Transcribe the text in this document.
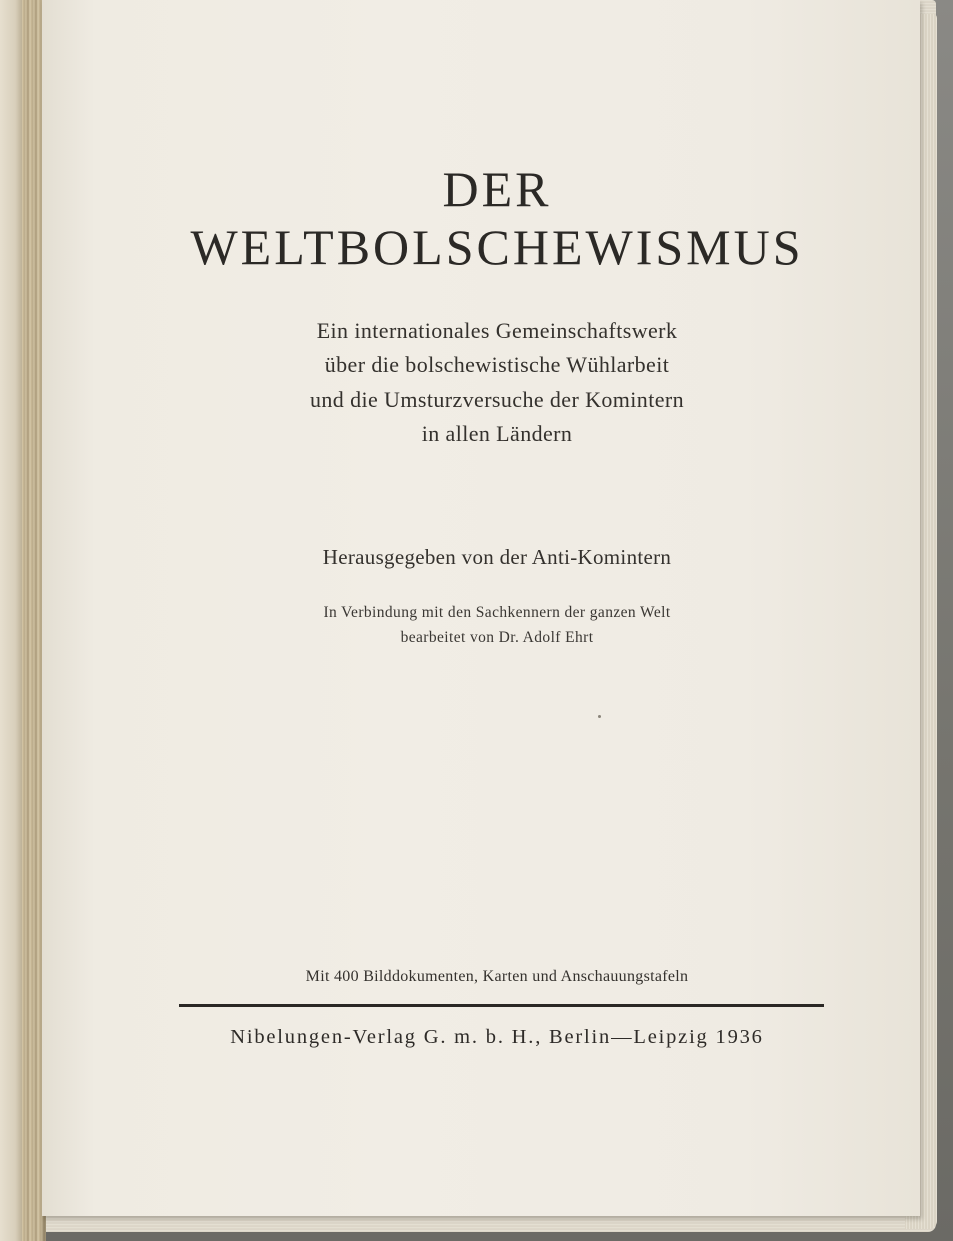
DER
WELTBOLSCHEWISMUS
Ein internationales Gemeinschaftswerk
über die bolschewistische Wühlarbeit
und die Umsturzversuche der Komintern
in allen Ländern
Herausgegeben von der Anti-Komintern
In Verbindung mit den Sachkennern der ganzen Welt
bearbeitet von Dr. Adolf Ehrt
Mit 400 Bilddokumenten, Karten und Anschauungstafeln
Nibelungen-Verlag G. m. b. H., Berlin—Leipzig 1936
